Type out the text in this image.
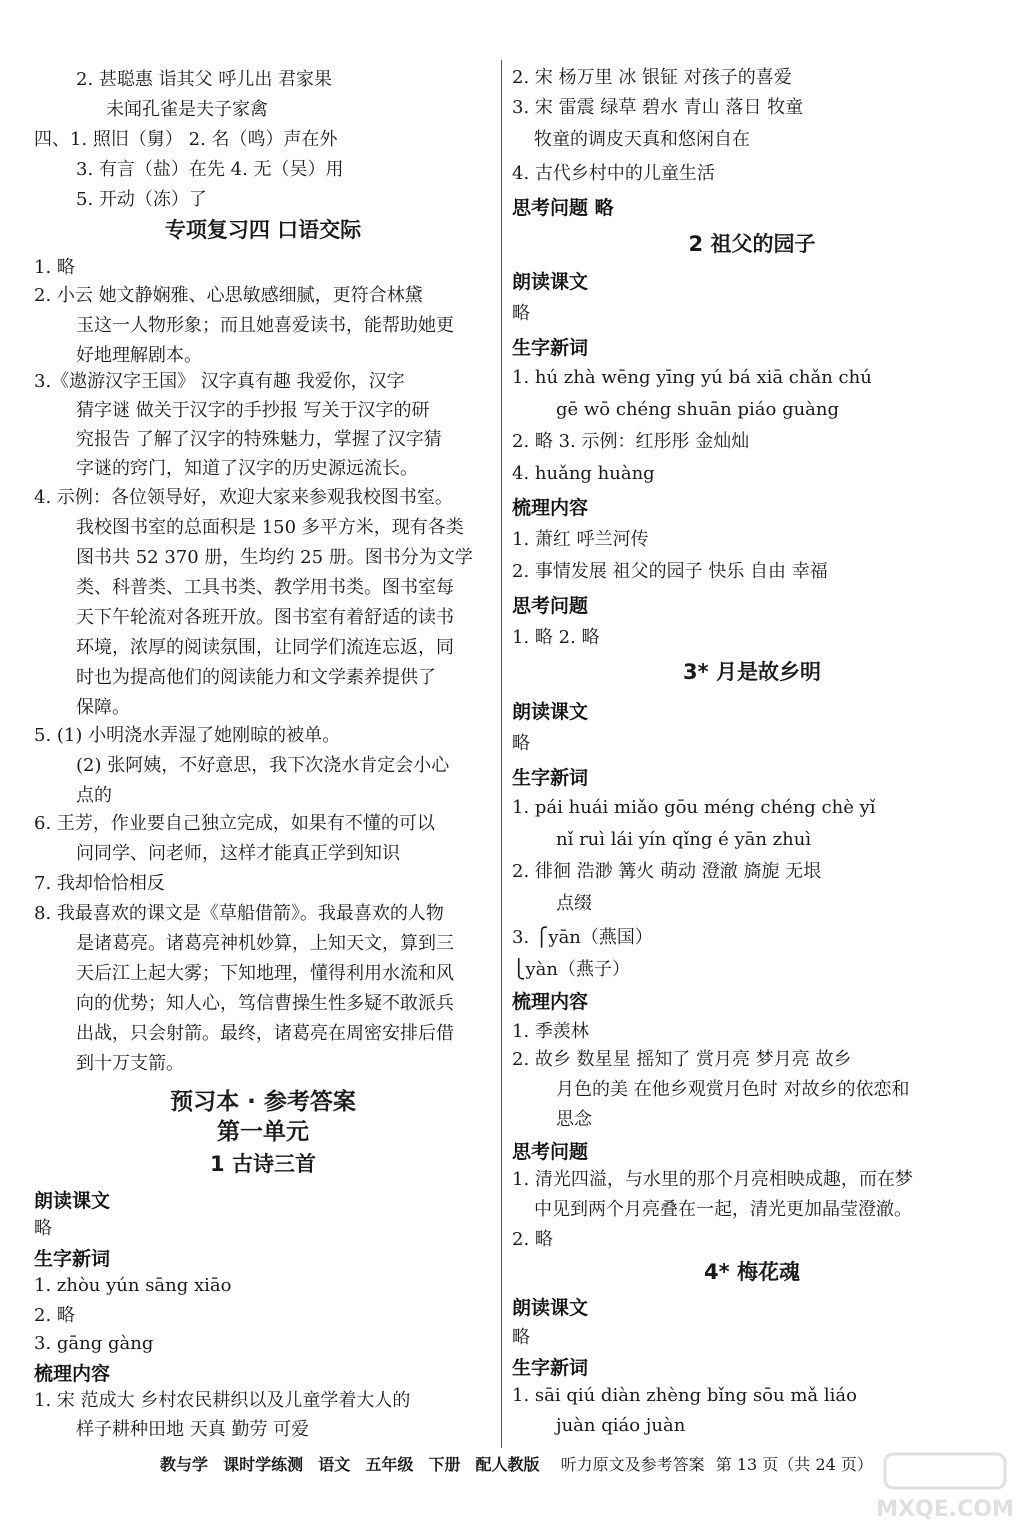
2. 甚聪惠 诣其父 呼儿出 君家果
未闻孔雀是夫子家禽
四、1. 照旧（舅） 2. 名（鸣）声在外
3. 有言（盐）在先 4. 无（吴）用
5. 开动（冻）了
专项复习四 口语交际
1. 略
2. 小云 她文静娴雅、心思敏感细腻，更符合林黛
玉这一人物形象；而且她喜爱读书，能帮助她更
好地理解剧本。
3.《遨游汉字王国》 汉字真有趣 我爱你，汉字
猜字谜 做关于汉字的手抄报 写关于汉字的研
究报告 了解了汉字的特殊魅力，掌握了汉字猜
字谜的窍门，知道了汉字的历史源远流长。
4. 示例：各位领导好，欢迎大家来参观我校图书室。
我校图书室的总面积是 150 多平方米，现有各类
图书共 52 370 册，生均约 25 册。图书分为文学
类、科普类、工具书类、教学用书类。图书室每
天下午轮流对各班开放。图书室有着舒适的读书
环境，浓厚的阅读氛围，让同学们流连忘返，同
时也为提高他们的阅读能力和文学素养提供了
保障。
5. (1) 小明浇水弄湿了她刚晾的被单。
(2) 张阿姨，不好意思，我下次浇水肯定会小心
点的
6. 王芳，作业要自己独立完成，如果有不懂的可以
问同学、问老师，这样才能真正学到知识
7. 我却恰恰相反
8. 我最喜欢的课文是《草船借箭》。我最喜欢的人物
是诸葛亮。诸葛亮神机妙算，上知天文，算到三
天后江上起大雾；下知地理，懂得利用水流和风
向的优势；知人心，笃信曹操生性多疑不敢派兵
出战，只会射箭。最终，诸葛亮在周密安排后借
到十万支箭。
预习本 · 参考答案
第一单元
1 古诗三首
朗读课文
略
生字新词
1. zhòu yún sāng xiāo
2. 略
3. gāng gàng
梳理内容
1. 宋 范成大 乡村农民耕织以及儿童学着大人的
样子耕种田地 天真 勤劳 可爱
2. 宋 杨万里 冰 银钲 对孩子的喜爱
3. 宋 雷震 绿草 碧水 青山 落日 牧童
牧童的调皮天真和悠闲自在
4. 古代乡村中的儿童生活
思考问题 略
2 祖父的园子
朗读课文
略
生字新词
1. hú zhà wēng yīng yú bá xiā chǎn chú
gē wō chéng shuān piáo guàng
2. 略 3. 示例：红彤彤 金灿灿
4. huǎng huàng
梳理内容
1. 萧红 呼兰河传
2. 事情发展 祖父的园子 快乐 自由 幸福
思考问题
1. 略 2. 略
3* 月是故乡明
朗读课文
略
生字新词
1. pái huái miǎo gōu méng chéng chè yǐ
nǐ ruì lái yín qǐng é yān zhuì
2. 徘徊 浩渺 篝火 萌动 澄澈 旖旎 无垠
点缀
3. ⎧yān（燕国）
⎩yàn（燕子）
梳理内容
1. 季羡林
2. 故乡 数星星 摇知了 赏月亮 梦月亮 故乡
月色的美 在他乡观赏月色时 对故乡的依恋和
思念
思考问题
1. 清光四溢，与水里的那个月亮相映成趣，而在梦
中见到两个月亮叠在一起，清光更加晶莹澄澈。
2. 略
4* 梅花魂
朗读课文
略
生字新词
1. sāi qiú diàn zhèng bǐng sōu mǎ liáo
juàn qiáo juàn
教与学 课时学练测 语文 五年级 下册 配人教版 听力原文及参考答案 第 13 页（共 24 页）
MXQE.COM
